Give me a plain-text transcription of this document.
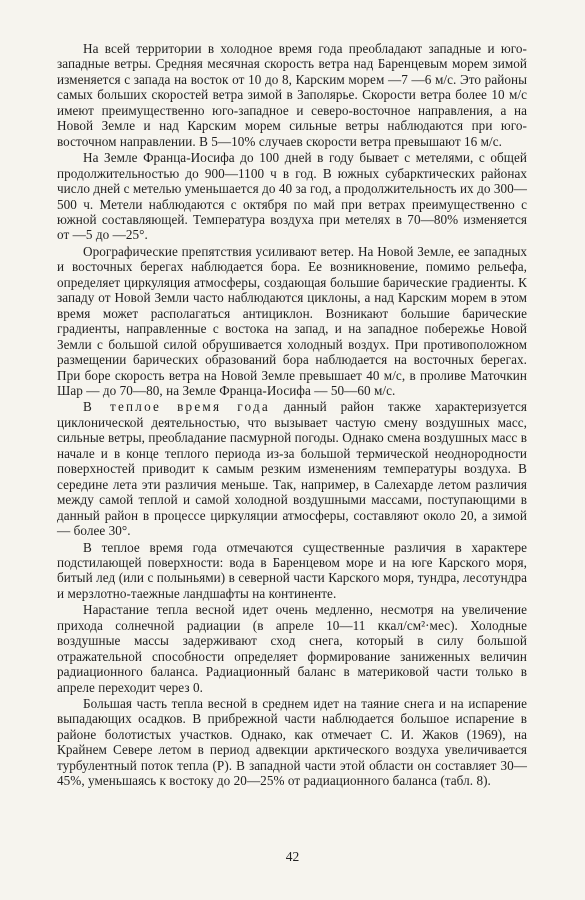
На всей территории в холодное время года преобладают западные и юго-западные ветры. Средняя месячная скорость ветра над Баренцевым морем зимой изменяется с запада на восток от 10 до 8, Карским морем —7 —6 м/с. Это районы самых больших скоростей ветра зимой в Заполярье. Скорости ветра более 10 м/с имеют преимущественно юго-западное и северо-восточное направления, а на Новой Земле и над Карским морем сильные ветры наблюдаются при юго-восточном направлении. В 5—10% случаев скорости ветра превышают 16 м/с.

На Земле Франца-Иосифа до 100 дней в году бывает с метелями, с общей продолжительностью до 900—1100 ч в год. В южных субарктических районах число дней с метелью уменьшается до 40 за год, а продолжительность их до 300—500 ч. Метели наблюдаются с октября по май при ветрах преимущественно с южной составляющей. Температура воздуха при метелях в 70—80% изменяется от —5 до —25°.

Орографические препятствия усиливают ветер. На Новой Земле, ее западных и восточных берегах наблюдается бора. Ее возникновение, помимо рельефа, определяет циркуляция атмосферы, создающая большие барические градиенты. К западу от Новой Земли часто наблюдаются циклоны, а над Карским морем в этом время может располагаться антициклон. Возникают большие барические градиенты, направленные с востока на запад, и на западное побережье Новой Земли с большой силой обрушивается холодный воздух. При противоположном размещении барических образований бора наблюдается на восточных берегах. При боре скорость ветра на Новой Земле превышает 40 м/с, в проливе Маточкин Шар — до 70—80, на Земле Франца-Иосифа — 50—60 м/с.

В теплое время года данный район также характеризуется циклонической деятельностью, что вызывает частую смену воздушных масс, сильные ветры, преобладание пасмурной погоды. Однако смена воздушных масс в начале и в конце теплого периода из-за большой термической неоднородности поверхностей приводит к самым резким изменениям температуры воздуха. В середине лета эти различия меньше. Так, например, в Салехарде летом различия между самой теплой и самой холодной воздушными массами, поступающими в данный район в процессе циркуляции атмосферы, составляют около 20, а зимой — более 30°.

В теплое время года отмечаются существенные различия в характере подстилающей поверхности: вода в Баренцевом море и на юге Карского моря, битый лед (или с полыньями) в северной части Карского моря, тундра, лесотундра и мерзлотно-таежные ландшафты на континенте.

Нарастание тепла весной идет очень медленно, несмотря на увеличение прихода солнечной радиации (в апреле 10—11 ккал/см²·мес). Холодные воздушные массы задерживают сход снега, который в силу большой отражательной способности определяет формирование заниженных величин радиационного баланса. Радиационный баланс в материковой части только в апреле переходит через 0.

Большая часть тепла весной в среднем идет на таяние снега и на испарение выпадающих осадков. В прибрежной части наблюдается большое испарение в районе болотистых участков. Однако, как отмечает С. И. Жаков (1969), на Крайнем Севере летом в период адвекции арктического воздуха увеличивается турбулентный поток тепла (P). В западной части этой области он составляет 30—45%, уменьшаясь к востоку до 20—25% от радиационного баланса (табл. 8).

42
